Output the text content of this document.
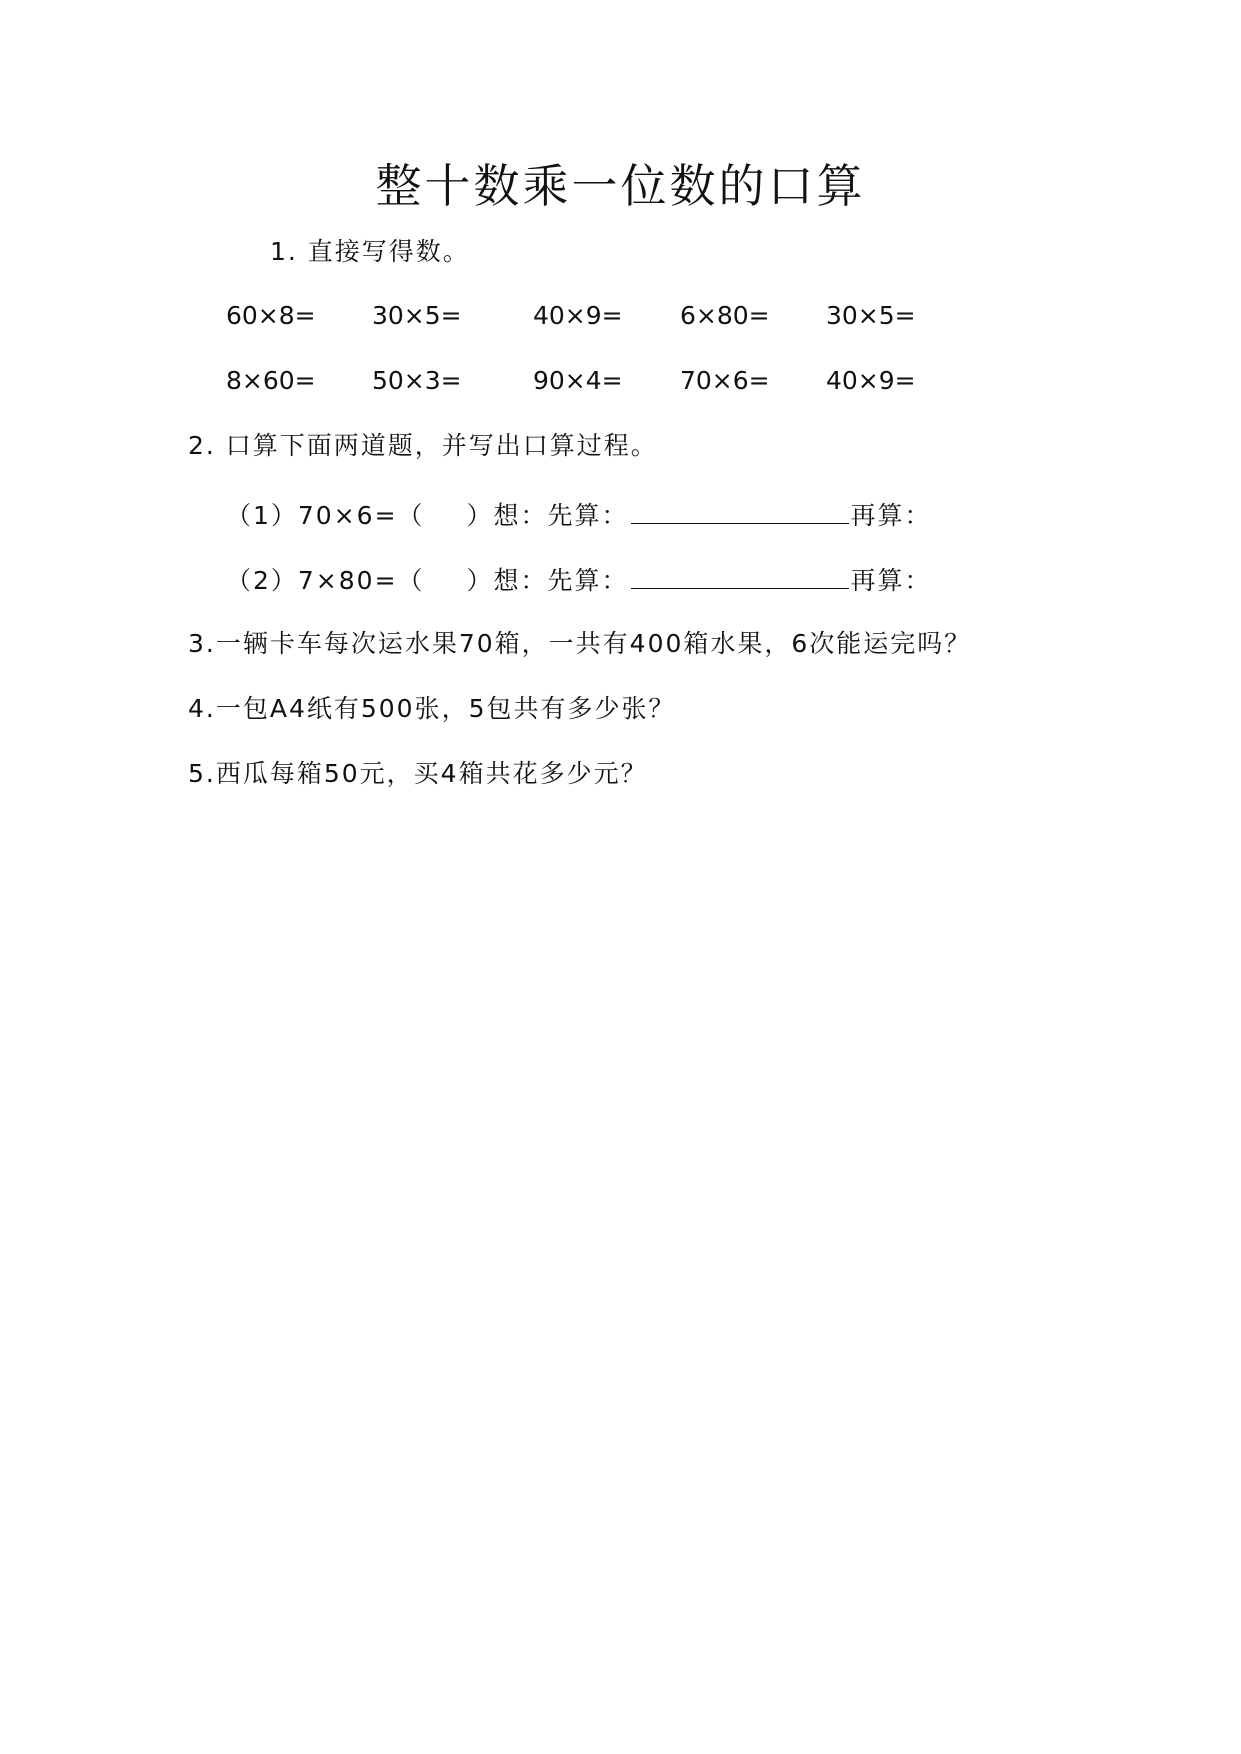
整十数乘一位数的口算
1. 直接写得数。
60×8= 30×5=	40×9= 6×80= 30×5=
8×60= 50×3=	90×4= 70×6= 40×9=
2. 口算下面两道题，并写出口算过程。
（1）70×6=（ ）想：先算：	再算：
（2）7×80=（ ）想：先算：	再算：
3.一辆卡车每次运水果70箱，一共有400箱水果，6次能运完吗？
4.一包A4纸有500张，5包共有多少张？
5.西瓜每箱50元，买4箱共花多少元？
